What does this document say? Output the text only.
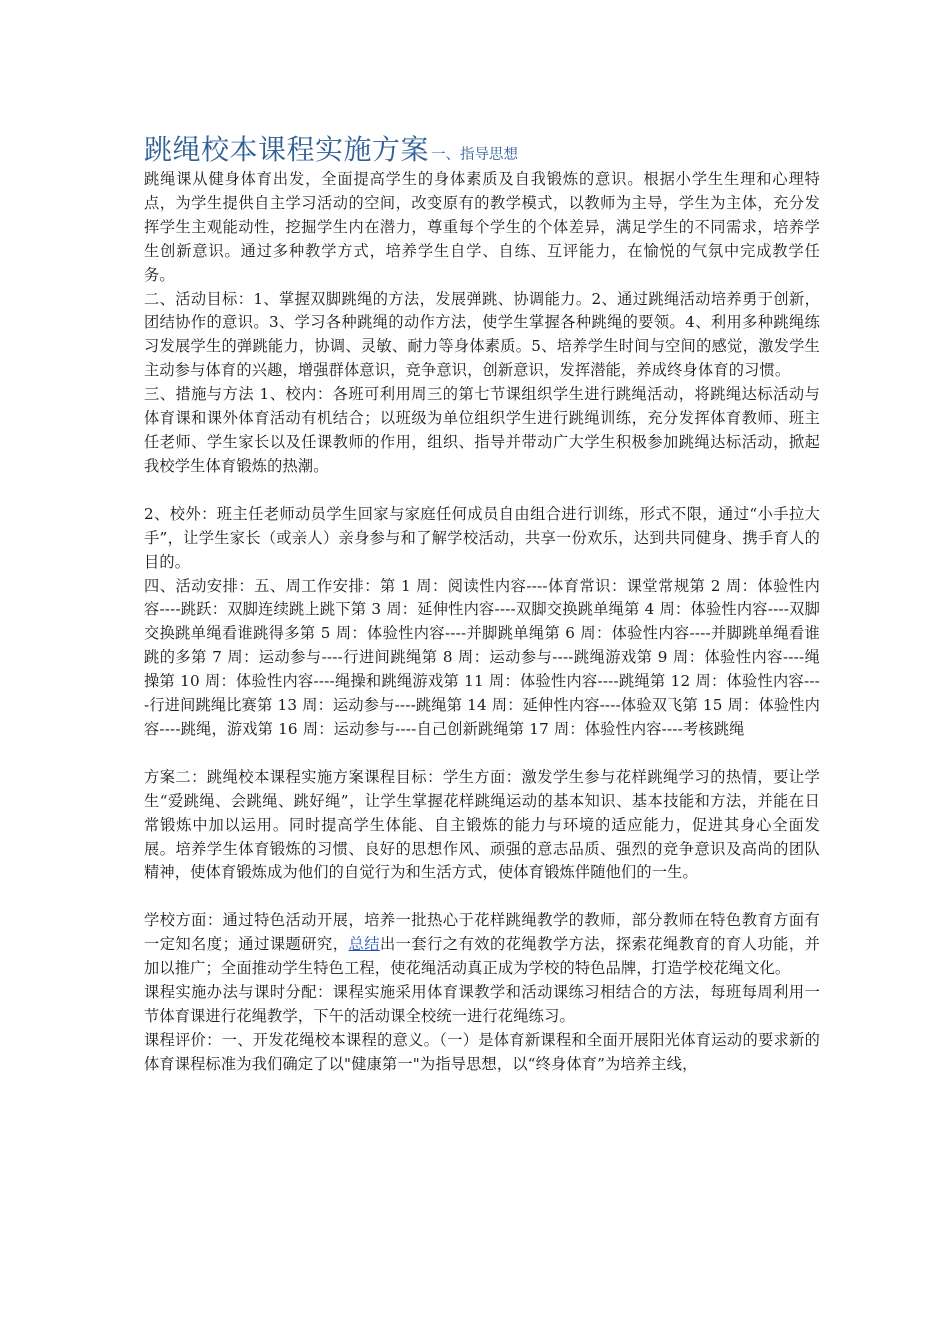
跳绳校本课程实施方案 一、指导思想

跳绳课从健身体育出发，全面提高学生的身体素质及自我锻炼的意识。根据小学生生理和心理特点，为学生提供自主学习活动的空间，改变原有的教学模式，以教师为主导，学生为主体，充分发挥学生主观能动性，挖掘学生内在潜力，尊重每个学生的个体差异，满足学生的不同需求，培养学生创新意识。通过多种教学方式，培养学生自学、自练、互评能力，在愉悦的气氛中完成教学任务。

二、活动目标：1、掌握双脚跳绳的方法，发展弹跳、协调能力。2、通过跳绳活动培养勇于创新，团结协作的意识。3、学习各种跳绳的动作方法，使学生掌握各种跳绳的要领。4、利用多种跳绳练习发展学生的弹跳能力，协调、灵敏、耐力等身体素质。5、培养学生时间与空间的感觉，激发学生主动参与体育的兴趣，增强群体意识，竞争意识，创新意识，发挥潜能，养成终身体育的习惯。

三、措施与方法 1、校内：各班可利用周三的第七节课组织学生进行跳绳活动，将跳绳达标活动与体育课和课外体育活动有机结合；以班级为单位组织学生进行跳绳训练，充分发挥体育教师、班主任老师、学生家长以及任课教师的作用，组织、指导并带动广大学生积极参加跳绳达标活动，掀起我校学生体育锻炼的热潮。

2、校外：班主任老师动员学生回家与家庭任何成员自由组合进行训练，形式不限，通过“小手拉大手”，让学生家长（或亲人）亲身参与和了解学校活动，共享一份欢乐，达到共同健身、携手育人的目的。

四、活动安排：五、周工作安排：第 1 周：阅读性内容----体育常识：课堂常规第 2 周：体验性内容----跳跃：双脚连续跳上跳下第 3 周：延伸性内容----双脚交换跳单绳第 4 周：体验性内容----双脚交换跳单绳看谁跳得多第 5 周：体验性内容----并脚跳单绳第 6 周：体验性内容----并脚跳单绳看谁跳的多第 7 周：运动参与----行进间跳绳第 8 周：运动参与----跳绳游戏第 9 周：体验性内容----绳操第 10 周：体验性内容----绳操和跳绳游戏第 11 周：体验性内容----跳绳第 12 周：体验性内容----行进间跳绳比赛第 13 周：运动参与----跳绳第 14 周：延伸性内容----体验双飞第 15 周：体验性内容----跳绳，游戏第 16 周：运动参与----自己创新跳绳第 17 周：体验性内容----考核跳绳

方案二：跳绳校本课程实施方案课程目标：学生方面：激发学生参与花样跳绳学习的热情，要让学生“爱跳绳、会跳绳、跳好绳”，让学生掌握花样跳绳运动的基本知识、基本技能和方法，并能在日常锻炼中加以运用。同时提高学生体能、自主锻炼的能力与环境的适应能力，促进其身心全面发展。培养学生体育锻炼的习惯、良好的思想作风、顽强的意志品质、强烈的竞争意识及高尚的团队精神，使体育锻炼成为他们的自觉行为和生活方式，使体育锻炼伴随他们的一生。

学校方面：通过特色活动开展，培养一批热心于花样跳绳教学的教师，部分教师在特色教育方面有一定知名度；通过课题研究，总结出一套行之有效的花绳教学方法，探索花绳教育的育人功能，并加以推广；全面推动学生特色工程，使花绳活动真正成为学校的特色品牌，打造学校花绳文化。

课程实施办法与课时分配：课程实施采用体育课教学和活动课练习相结合的方法，每班每周利用一节体育课进行花绳教学，下午的活动课全校统一进行花绳练习。

课程评价：一、开发花绳校本课程的意义。（一）是体育新课程和全面开展阳光体育运动的要求新的体育课程标准为我们确定了以"健康第一"为指导思想，以“终身体育”为培养主线，
